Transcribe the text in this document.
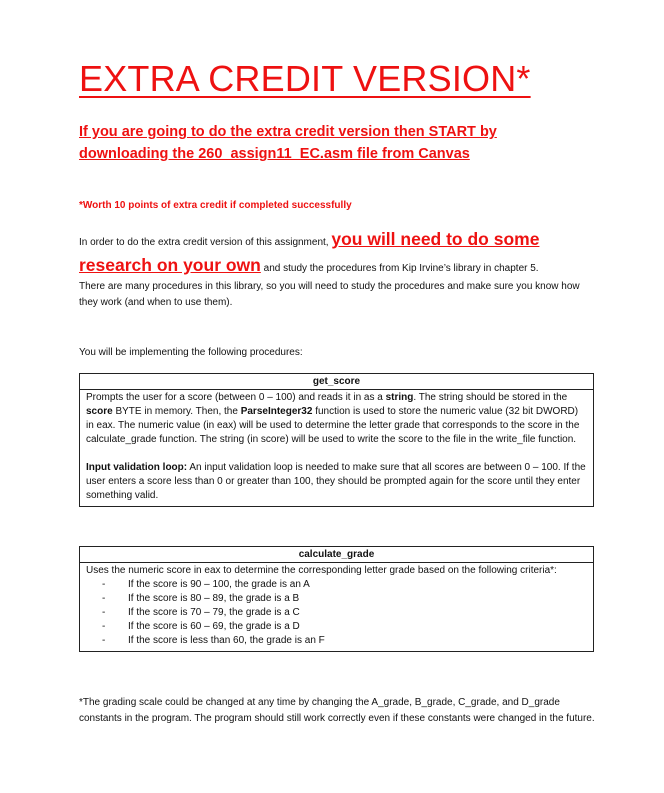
EXTRA CREDIT VERSION*

If you are going to do the extra credit version then START by downloading the 260_assign11_EC.asm file from Canvas

*Worth 10 points of extra credit if completed successfully

In order to do the extra credit version of this assignment, you will need to do some
research on your own and study the procedures from Kip Irvine’s library in chapter 5.
There are many procedures in this library, so you will need to study the procedures and make sure you know how they work (and when to use them).

You will be implementing the following procedures:

get_score

Prompts the user for a score (between 0 – 100) and reads it in as a string. The string should be stored in the score BYTE in memory. Then, the ParseInteger32 function is used to store the numeric value (32 bit DWORD) in eax. The numeric value (in eax) will be used to determine the letter grade that corresponds to the score in the calculate_grade function. The string (in score) will be used to write the score to the file in the write_file function.

Input validation loop: An input validation loop is needed to make sure that all scores are between 0 – 100. If the user enters a score less than 0 or greater than 100, they should be prompted again for the score until they enter something valid.

calculate_grade

Uses the numeric score in eax to determine the corresponding letter grade based on the following criteria*:

- If the score is 90 – 100, the grade is an A
- If the score is 80 – 89, the grade is a B
- If the score is 70 – 79, the grade is a C
- If the score is 60 – 69, the grade is a D
- If the score is less than 60, the grade is an F

*The grading scale could be changed at any time by changing the A_grade, B_grade, C_grade, and D_grade constants in the program. The program should still work correctly even if these constants were changed in the future.
